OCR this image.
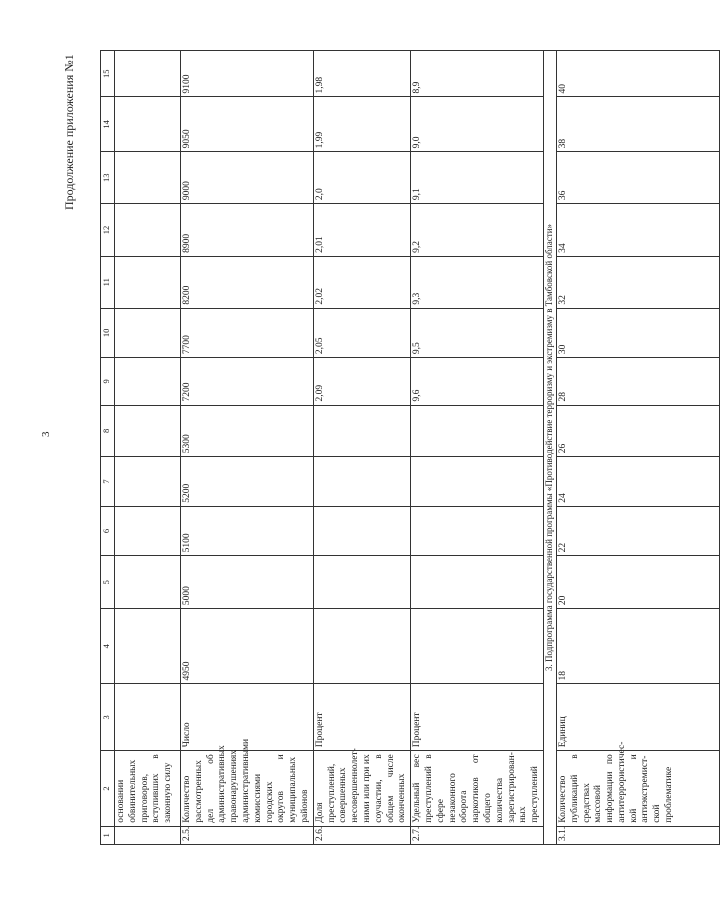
3
Продолжение приложения №1
1	2	3	4	5	6	7	8	9	10	11	12	13	14	15
	основании обвинительных приговоров, вступивших в законную силу													
2.5.	Количество рассмотренных дел об административных правонарушениях административными комиссиями городских округов и муниципальных районов	Число	4950	5000	5100	5200	5300	7200	7700	8200	8900	9000	9050	9100
2.6.	Доля преступлений, совершенных несовершеннолет-ними или при их соучастии, в общем числе оконченных	Процент						2,09	2,05	2,02	2,01	2,0	1,99	1,98
2.7.	Удельный вес преступлений в сфере незаконного оборота наркотиков от общего количества зарегистрирован-ных преступлений	Процент						9,6	9,5	9,3	9,2	9,1	9,0	8,9
3. Подпрограмма государственной программы «Противодействие терроризму и экстремизму в Тамбовской области»														
3.1.	Количество публикаций в средствах массовой информации по антитеррористичес-кой и антиэкстремист-ской проблематике	Единиц	18	20	22	24	26	28	30	32	34	36	38	40
